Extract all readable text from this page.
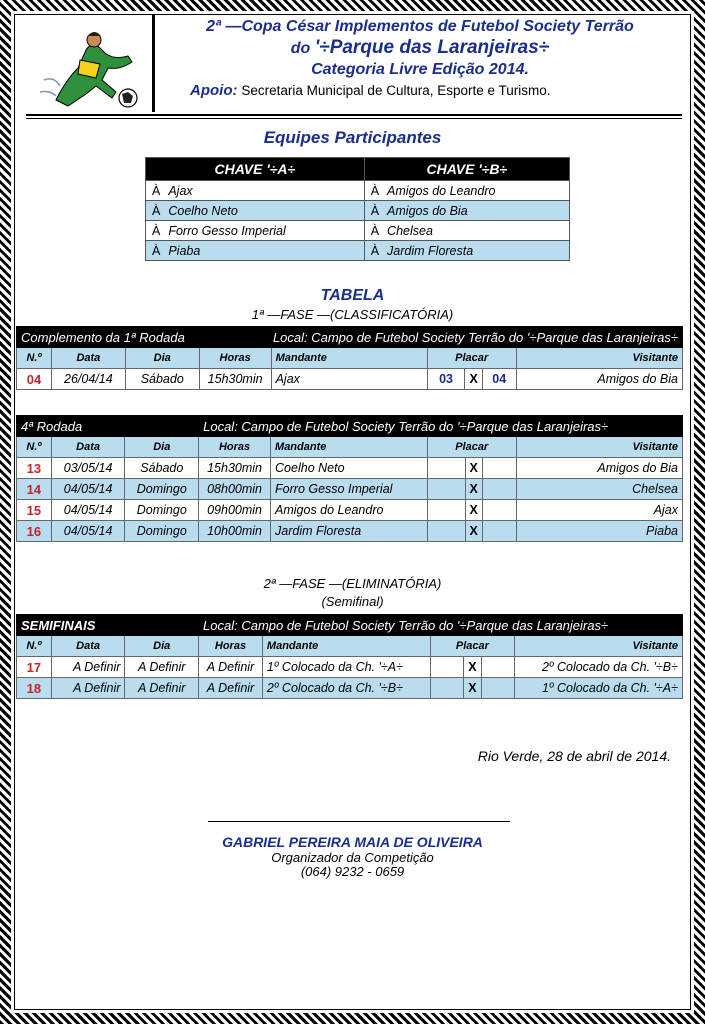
2ª —Copa César Implementos de Futebol Society Terrão
do '÷Parque das Laranjeiras÷
Categoria Livre Edição 2014.
Apoio: Secretaria Municipal de Cultura, Esporte e Turismo.
Equipes Participantes
CHAVE '÷A÷	CHAVE '÷B÷
À Ajax	À Amigos do Leandro
À Coelho Neto	À Amigos do Bia
À Forro Gesso Imperial	À Chelsea
À Piaba	À Jardim Floresta
TABELA
1ª —FASE —(CLASSIFICATÓRIA)
Complemento da 1ª Rodada			Local: Campo de Futebol Society Terrão do '÷Parque das Laranjeiras÷					
N.º	Data	Dia	Horas	Mandante	Placar			Visitante
04	26/04/14	Sábado	15h30min	Ajax	03	X	04	Amigos do Bia
4ª Rodada			Local: Campo de Futebol Society Terrão do '÷Parque das Laranjeiras÷					
N.º	Data	Dia	Horas	Mandante	Placar			Visitante
13	03/05/14	Sábado	15h30min	Coelho Neto		X		Amigos do Bia
14	04/05/14	Domingo	08h00min	Forro Gesso Imperial		X		Chelsea
15	04/05/14	Domingo	09h00min	Amigos do Leandro		X		Ajax
16	04/05/14	Domingo	10h00min	Jardim Floresta		X		Piaba
2ª —FASE —(ELIMINATÓRIA)
(Semifinal)
SEMIFINAIS			Local: Campo de Futebol Society Terrão do '÷Parque das Laranjeiras÷					
N.º	Data	Dia	Horas	Mandante	Placar			Visitante
17	A Definir	A Definir	A Definir	1º Colocado da Ch. '÷A÷		X		2º Colocado da Ch. '÷B÷
18	A Definir	A Definir	A Definir	2º Colocado da Ch. '÷B÷		X		1º Colocado da Ch. '÷A÷
Rio Verde, 28 de abril de 2014.
GABRIEL PEREIRA MAIA DE OLIVEIRA
Organizador da Competição
(064) 9232 - 0659
